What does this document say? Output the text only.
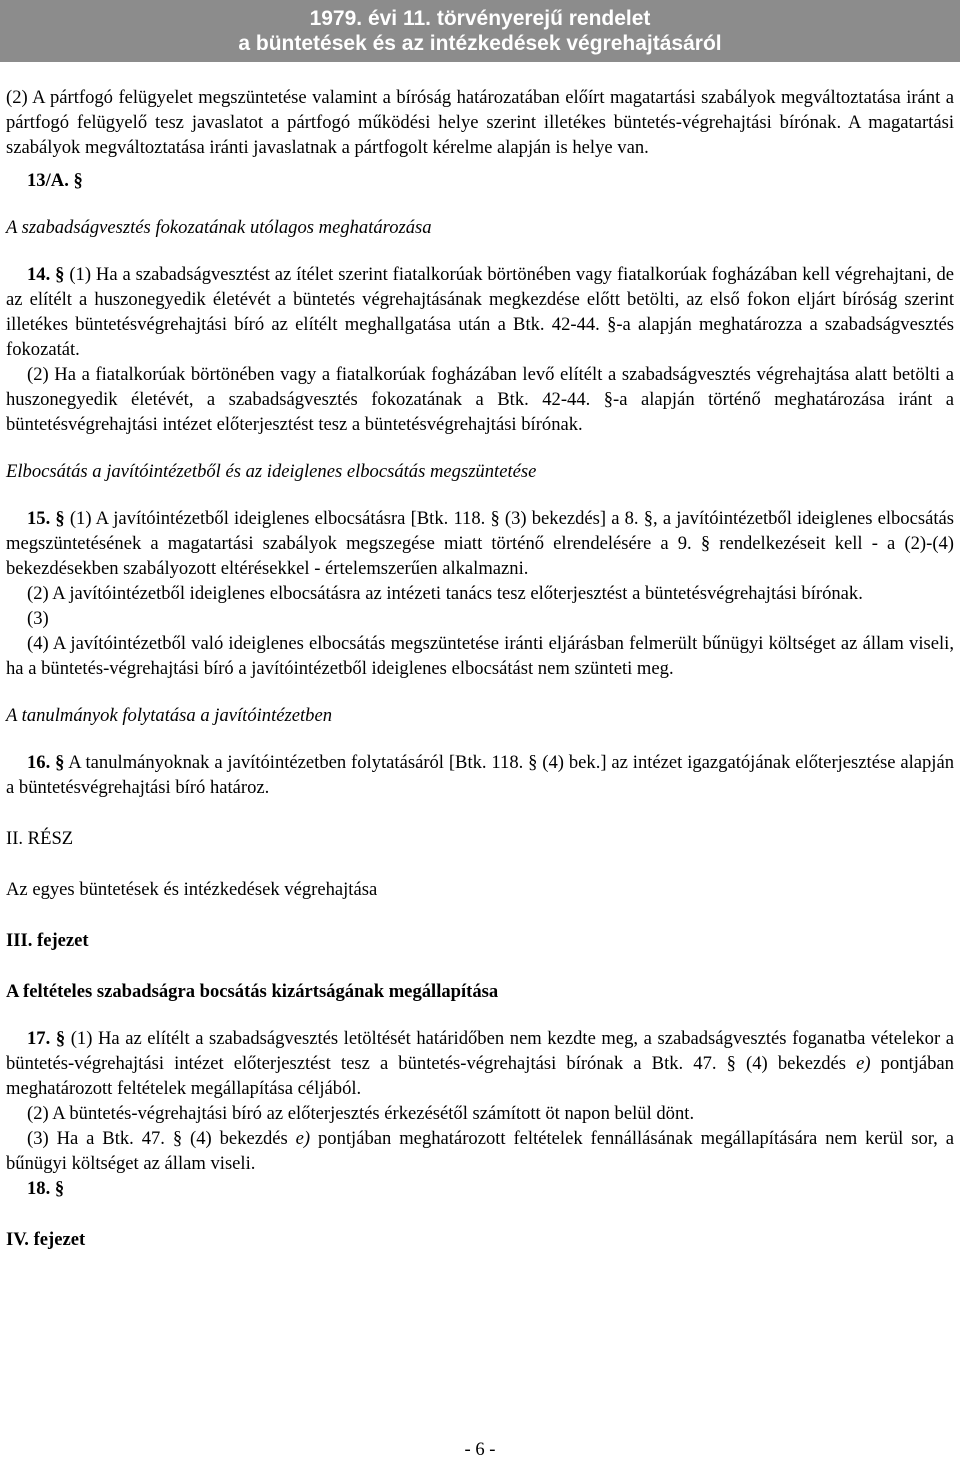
1979. évi 11. törvényerejű rendelet
a büntetések és az intézkedések végrehajtásáról

(2) A pártfogó felügyelet megszüntetése valamint a bíróság határozatában előírt magatartási szabályok megváltoztatása iránt a pártfogó felügyelő tesz javaslatot a pártfogó működési helye szerint illetékes büntetés-végrehajtási bírónak. A magatartási szabályok megváltoztatása iránti javaslatnak a pártfogolt kérelme alapján is helye van.

13/A. §

A szabadságvesztés fokozatának utólagos meghatározása

14. § (1) Ha a szabadságvesztést az ítélet szerint fiatalkorúak börtönében vagy fiatalkorúak fogházában kell végrehajtani, de az elítélt a huszonegyedik életévét a büntetés végrehajtásának megkezdése előtt betölti, az első fokon eljárt bíróság szerint illetékes büntetésvégrehajtási bíró az elítélt meghallgatása után a Btk. 42-44. §-a alapján meghatározza a szabadságvesztés fokozatát.

(2) Ha a fiatalkorúak börtönében vagy a fiatalkorúak fogházában levő elítélt a szabadságvesztés végrehajtása alatt betölti a huszonegyedik életévét, a szabadságvesztés fokozatának a Btk. 42-44. §-a alapján történő meghatározása iránt a büntetésvégrehajtási intézet előterjesztést tesz a büntetésvégrehajtási bírónak.

Elbocsátás a javítóintézetből és az ideiglenes elbocsátás megszüntetése

15. § (1) A javítóintézetből ideiglenes elbocsátásra [Btk. 118. § (3) bekezdés] a 8. §, a javítóintézetből ideiglenes elbocsátás megszüntetésének a magatartási szabályok megszegése miatt történő elrendelésére a 9. § rendelkezéseit kell - a (2)-(4) bekezdésekben szabályozott eltérésekkel - értelemszerűen alkalmazni.

(2) A javítóintézetből ideiglenes elbocsátásra az intézeti tanács tesz előterjesztést a büntetésvégrehajtási bírónak.

(3)

(4) A javítóintézetből való ideiglenes elbocsátás megszüntetése iránti eljárásban felmerült bűnügyi költséget az állam viseli, ha a büntetés-végrehajtási bíró a javítóintézetből ideiglenes elbocsátást nem szünteti meg.

A tanulmányok folytatása a javítóintézetben

16. § A tanulmányoknak a javítóintézetben folytatásáról [Btk. 118. § (4) bek.] az intézet igazgatójának előterjesztése alapján a büntetésvégrehajtási bíró határoz.

II. RÉSZ

Az egyes büntetések és intézkedések végrehajtása

III. fejezet

A feltételes szabadságra bocsátás kizártságának megállapítása

17. § (1) Ha az elítélt a szabadságvesztés letöltését határidőben nem kezdte meg, a szabadságvesztés foganatba vételekor a büntetés-végrehajtási intézet előterjesztést tesz a büntetés-végrehajtási bírónak a Btk. 47. § (4) bekezdés e) pontjában meghatározott feltételek megállapítása céljából.

(2) A büntetés-végrehajtási bíró az előterjesztés érkezésétől számított öt napon belül dönt.

(3) Ha a Btk. 47. § (4) bekezdés e) pontjában meghatározott feltételek fennállásának megállapítására nem kerül sor, a bűnügyi költséget az állam viseli.

18. §

IV. fejezet

- 6 -
